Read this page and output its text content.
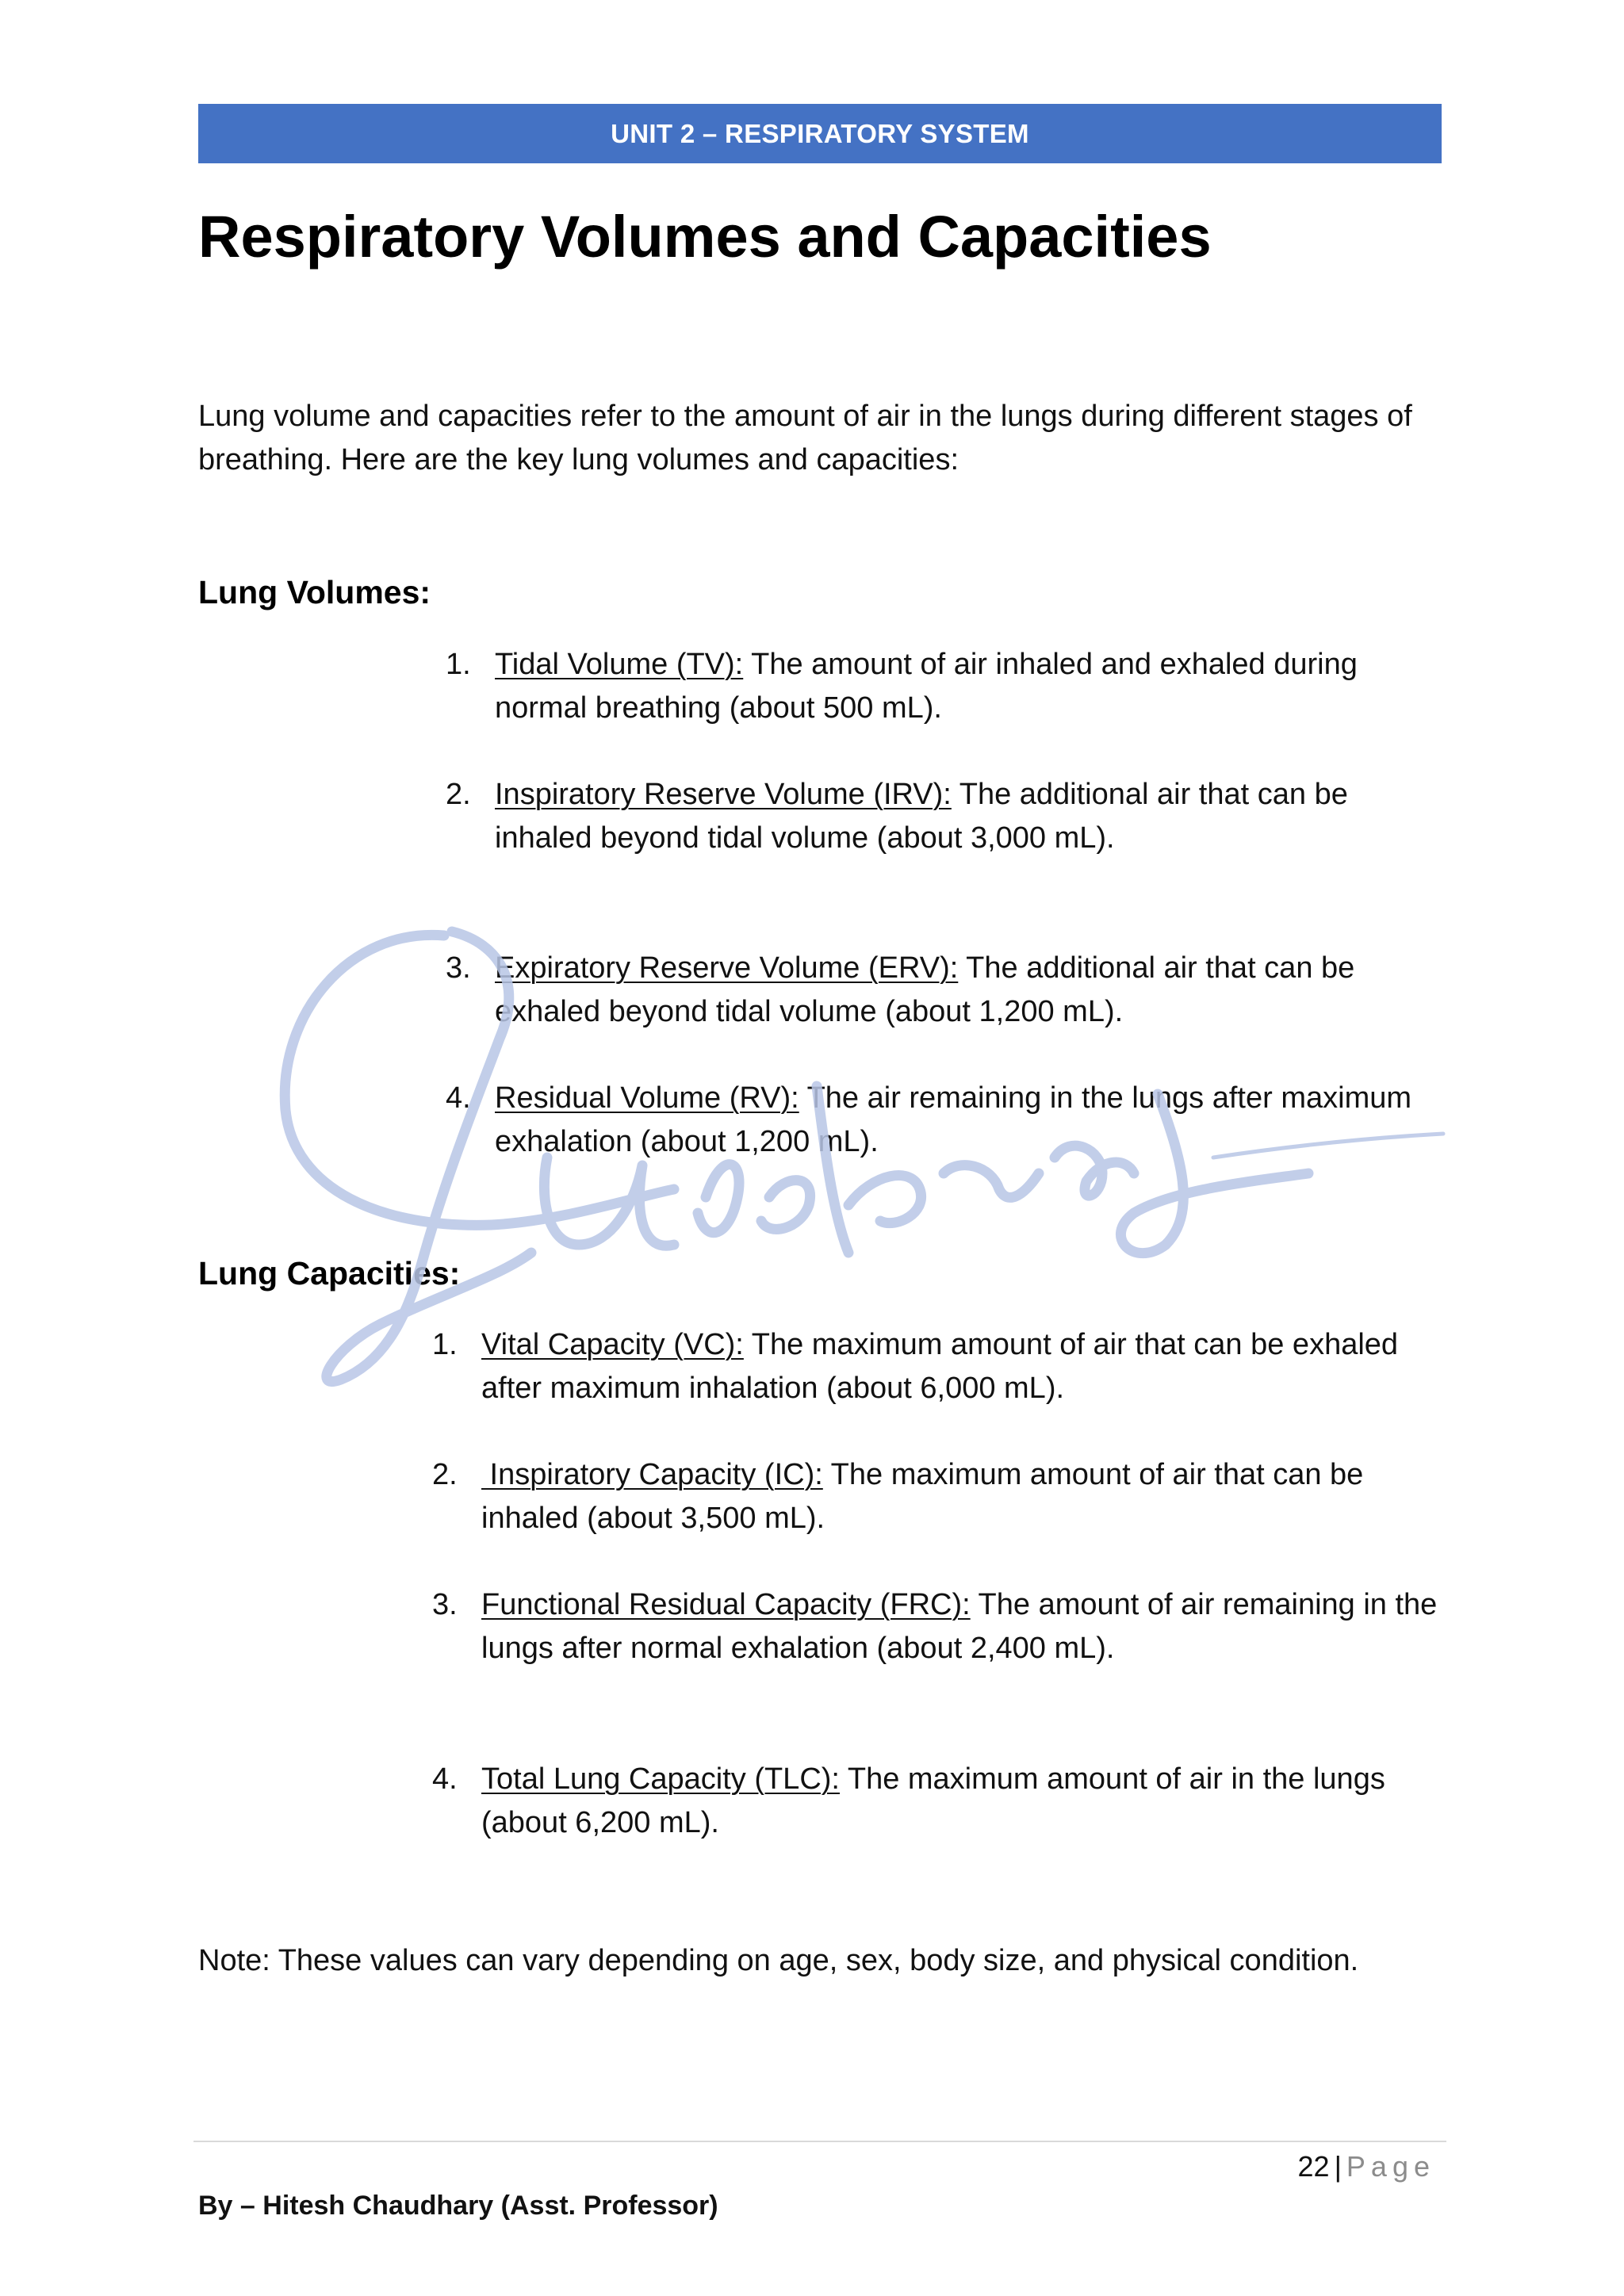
UNIT 2 – RESPIRATORY SYSTEM
Respiratory Volumes and Capacities

Lung volume and capacities refer to the amount of air in the lungs during different stages of breathing. Here are the key lung volumes and capacities:

Lung Volumes:
1. Tidal Volume (TV): The amount of air inhaled and exhaled during normal breathing (about 500 mL).
2. Inspiratory Reserve Volume (IRV): The additional air that can be inhaled beyond tidal volume (about 3,000 mL).
3. Expiratory Reserve Volume (ERV): The additional air that can be exhaled beyond tidal volume (about 1,200 mL).
4. Residual Volume (RV): The air remaining in the lungs after maximum exhalation (about 1,200 mL).
Lung Capacities:
1. Vital Capacity (VC): The maximum amount of air that can be exhaled after maximum inhalation (about 6,000 mL).
2. Inspiratory Capacity (IC): The maximum amount of air that can be inhaled (about 3,500 mL).
3. Functional Residual Capacity (FRC): The amount of air remaining in the lungs after normal exhalation (about 2,400 mL).
4. Total Lung Capacity (TLC): The maximum amount of air in the lungs (about 6,200 mL).

Note: These values can vary depending on age, sex, body size, and physical condition.

22 | Page
By – Hitesh Chaudhary (Asst. Professor)
